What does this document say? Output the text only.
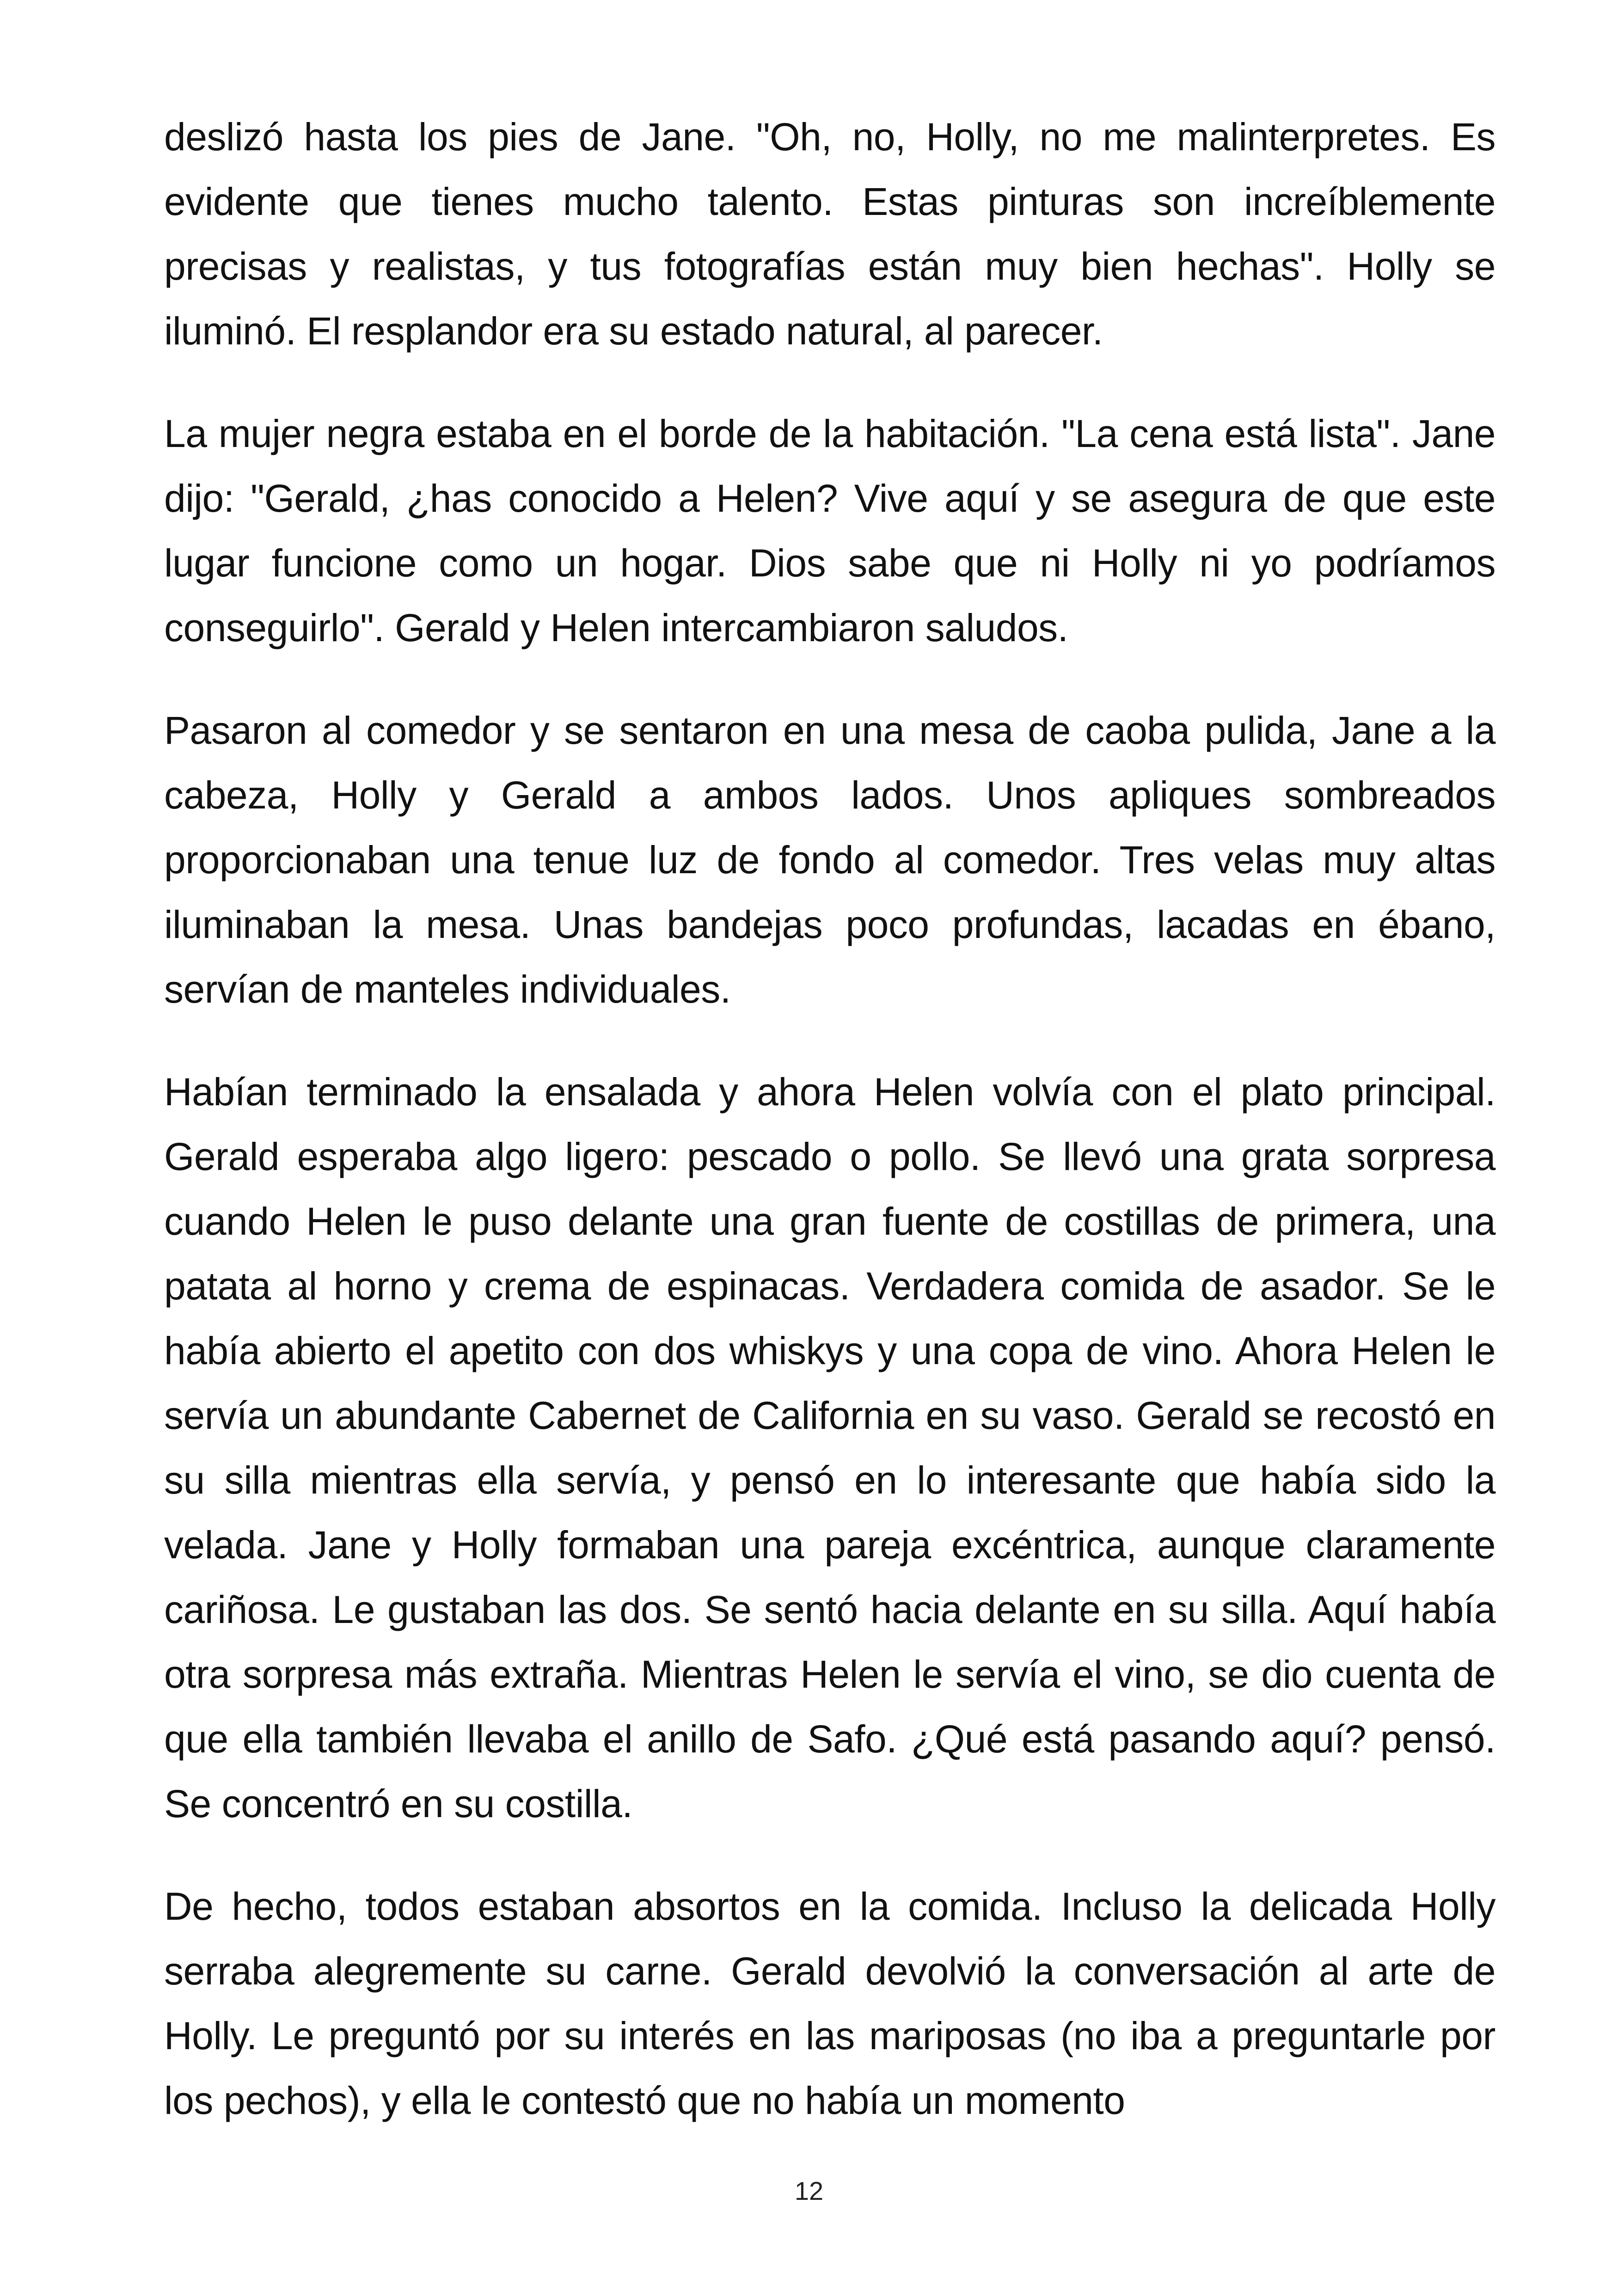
deslizó hasta los pies de Jane. "Oh, no, Holly, no me malinterpretes. Es evidente que tienes mucho talento. Estas pinturas son increíblemente precisas y realistas, y tus fotografías están muy bien hechas". Holly se iluminó. El resplandor era su estado natural, al parecer.

La mujer negra estaba en el borde de la habitación. "La cena está lista". Jane dijo: "Gerald, ¿has conocido a Helen? Vive aquí y se asegura de que este lugar funcione como un hogar. Dios sabe que ni Holly ni yo podríamos conseguirlo". Gerald y Helen intercambiaron saludos.

Pasaron al comedor y se sentaron en una mesa de caoba pulida, Jane a la cabeza, Holly y Gerald a ambos lados. Unos apliques sombreados proporcionaban una tenue luz de fondo al comedor. Tres velas muy altas iluminaban la mesa. Unas bandejas poco profundas, lacadas en ébano, servían de manteles individuales.

Habían terminado la ensalada y ahora Helen volvía con el plato principal. Gerald esperaba algo ligero: pescado o pollo. Se llevó una grata sorpresa cuando Helen le puso delante una gran fuente de costillas de primera, una patata al horno y crema de espinacas. Verdadera comida de asador. Se le había abierto el apetito con dos whiskys y una copa de vino. Ahora Helen le servía un abundante Cabernet de California en su vaso. Gerald se recostó en su silla mientras ella servía, y pensó en lo interesante que había sido la velada. Jane y Holly formaban una pareja excéntrica, aunque claramente cariñosa. Le gustaban las dos. Se sentó hacia delante en su silla. Aquí había otra sorpresa más extraña. Mientras Helen le servía el vino, se dio cuenta de que ella también llevaba el anillo de Safo. ¿Qué está pasando aquí? pensó. Se concentró en su costilla.

De hecho, todos estaban absortos en la comida. Incluso la delicada Holly serraba alegremente su carne. Gerald devolvió la conversación al arte de Holly. Le preguntó por su interés en las mariposas (no iba a preguntarle por los pechos), y ella le contestó que no había un momento

12
